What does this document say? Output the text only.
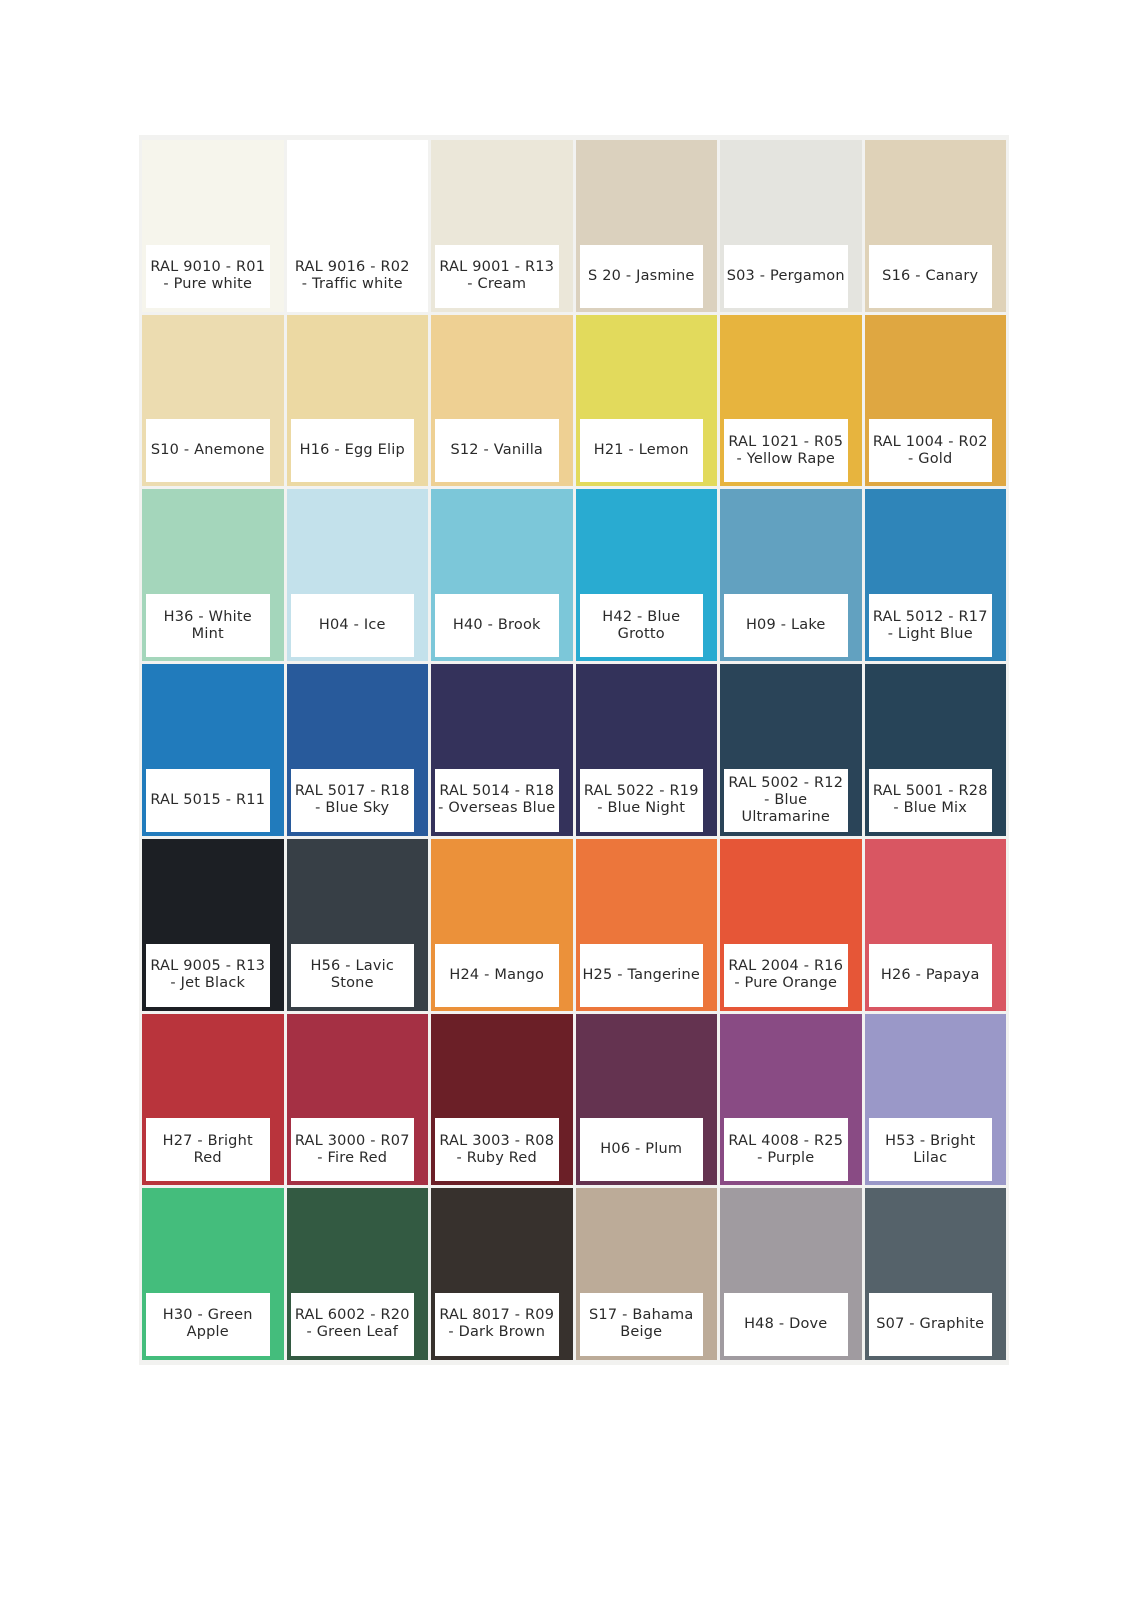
RAL 9010 - R01 - Pure white
RAL 9016 - R02 - Traffic white
RAL 9001 - R13 - Cream
S 20 - Jasmine	S03 - Pergamon	S16 - Canary
S10 - Anemone	H16 - Egg Elip	S12 - Vanilla	H21 - Lemon
RAL 1021 - R05 - Yellow Rape
RAL 1004 - R02 - Gold
H36 - White Mint
H04 - Ice	H40 - Brook
H42 - Blue Grotto
H09 - Lake
RAL 5012 - R17 - Light Blue
RAL 5015 - R11
RAL 5017 - R18 - Blue Sky
RAL 5014 - R18 - Overseas Blue
RAL 5022 - R19 - Blue Night
RAL 5002 - R12 - Blue Ultramarine
RAL 5001 - R28 - Blue Mix
RAL 9005 - R13 - Jet Black
H56 - Lavic Stone
H24 - Mango	H25 - Tangerine
RAL 2004 - R16 - Pure Orange
H26 - Papaya
H27 - Bright Red
RAL 3000 - R07 - Fire Red
RAL 3003 - R08 - Ruby Red
H06 - Plum
RAL 4008 - R25 - Purple
H53 - Bright Lilac
H30 - Green Apple
RAL 6002 - R20 - Green Leaf
RAL 8017 - R09 - Dark Brown
S17 - Bahama Beige
H48 - Dove	S07 - Graphite
